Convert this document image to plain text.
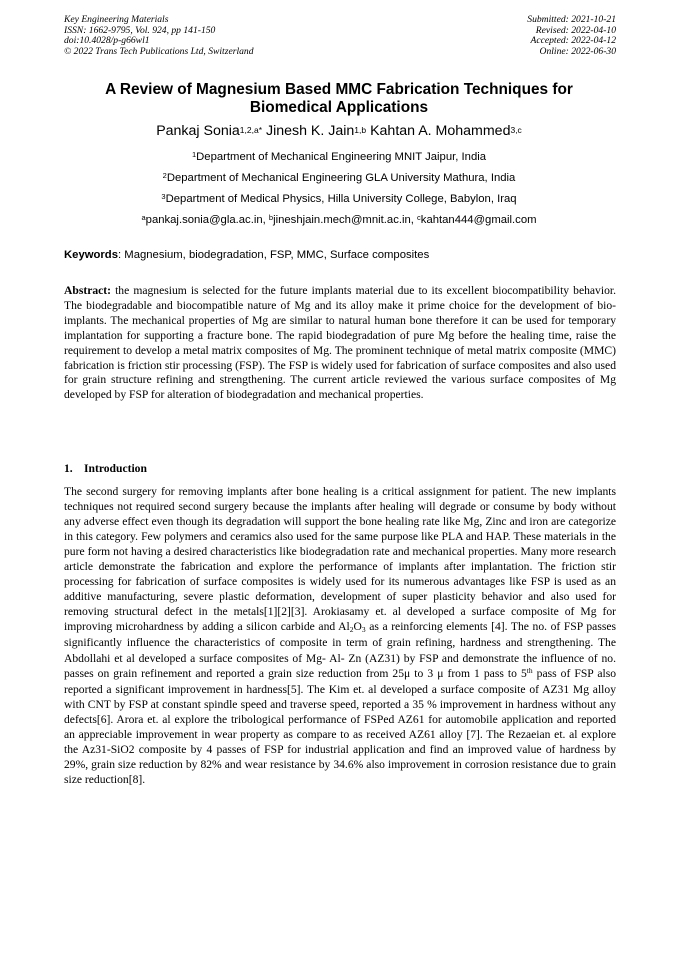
Key Engineering Materials
ISSN: 1662-9795, Vol. 924, pp 141-150
doi:10.4028/p-g66wl1
© 2022 Trans Tech Publications Ltd, Switzerland
Submitted: 2021-10-21
Revised: 2022-04-10
Accepted: 2022-04-12
Online: 2022-06-30
A Review of Magnesium Based MMC Fabrication Techniques for
Biomedical Applications
Pankaj Sonia$^{1,2,a*}$ Jinesh K. Jain$^{1,b}$ Kahtan A. Mohammed$^{3,c}$
$^1$Department of Mechanical Engineering MNIT Jaipur, India
$^2$Department of Mechanical Engineering GLA University Mathura, India
$^3$Department of Medical Physics, Hilla University College, Babylon, Iraq
$^a$pankaj.sonia@gla.ac.in, $^b$jineshjain.mech@mnit.ac.in, $^c$kahtan444@gmail.com
Keywords: Magnesium, biodegradation, FSP, MMC, Surface composites
Abstract: the magnesium is selected for the future implants material due to its excellent biocompatibility behavior. The biodegradable and biocompatible nature of Mg and its alloy make it prime choice for the development of bio-implants. The mechanical properties of Mg are similar to natural human bone therefore it can be used for temporary implantation for supporting a fracture bone. The rapid biodegradation of pure Mg before the healing time, raise the requirement to develop a metal matrix composites of Mg. The prominent technique of metal matrix composite (MMC) fabrication is friction stir processing (FSP). The FSP is widely used for fabrication of surface composites and also used for grain structure refining and strengthening. The current article reviewed the various surface composites of Mg developed by FSP for alteration of biodegradation and mechanical properties.
1. Introduction
The second surgery for removing implants after bone healing is a critical assignment for patient. The new implants techniques not required second surgery because the implants after healing will degrade or consume by body without any adverse effect even though its degradation will support the bone healing rate like Mg, Zinc and iron are categorize in this category. Few polymers and ceramics also used for the same purpose like PLA and HAP. These materials in the pure form not having a desired characteristics like biodegradation rate and mechanical properties. Many more research article demonstrate the fabrication and explore the performance of implants after implantation. The friction stir processing for fabrication of surface composites is widely used for its numerous advantages like FSP is used as an additive manufacturing, severe plastic deformation, development of super plasticity behavior and also used for removing structural defect in the metals[1][2][3]. Arokiasamy et. al developed a surface composite of Mg for improving microhardness by adding a silicon carbide and $Al_2O_3$ as a reinforcing elements [4]. The no. of FSP passes significantly influence the characteristics of composite in term of grain refining, hardness and strengthening. The Abdollahi et al developed a surface composites of Mg- Al- Zn (AZ31) by FSP and demonstrate the influence of no. passes on grain refinement and reported a grain size reduction from 25μ to 3 μ from 1 pass to 5th pass of FSP also reported a significant improvement in hardness[5]. The Kim et. al developed a surface composite of AZ31 Mg alloy with CNT by FSP at constant spindle speed and traverse speed, reported a 35 % improvement in hardness without any defects[6]. Arora et. al explore the tribological performance of FSPed AZ61 for automobile application and reported an appreciable improvement in wear property as compare to as received AZ61 alloy [7]. The Rezaeian et. al explore the Az31-SiO2 composite by 4 passes of FSP for industrial application and find an improved value of hardness by 29%, grain size reduction by 82% and wear resistance by 34.6% also improvement in corrosion resistance due to grain size reduction[8].
